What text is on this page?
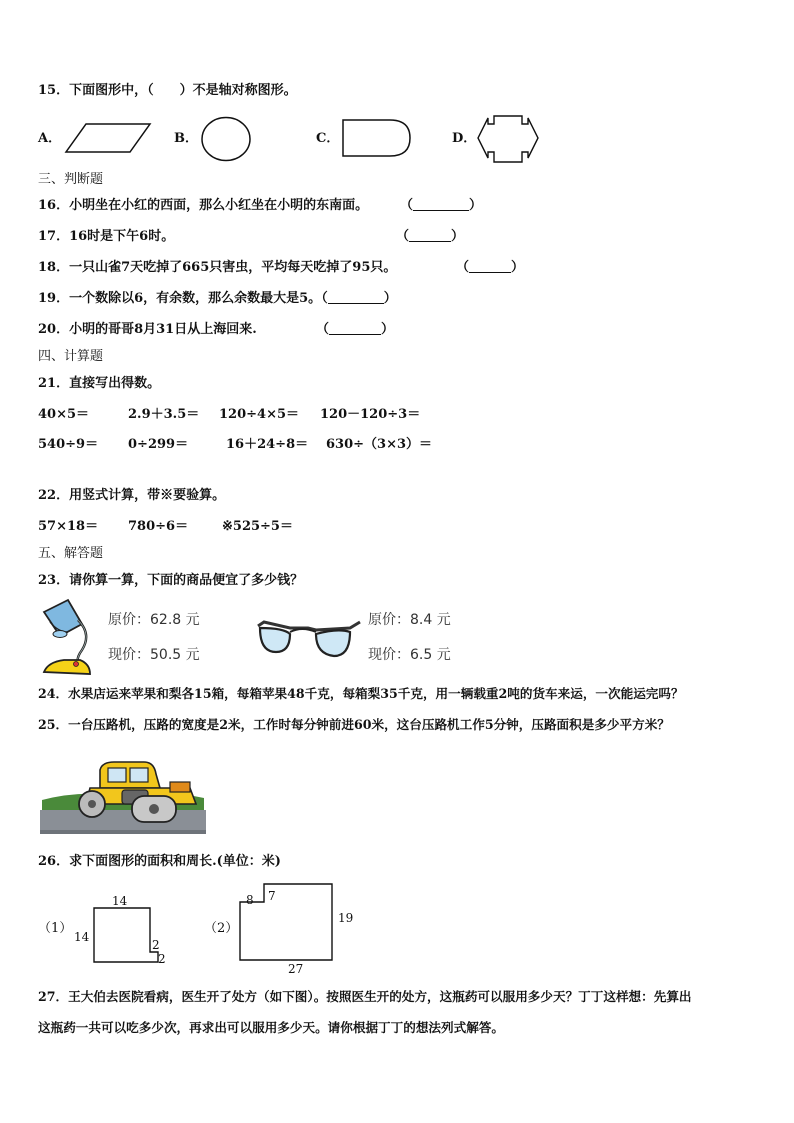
15．下面图形中，（　　）不是轴对称图形。
A．	B．	C．	D．
三、判断题
16．小明坐在小红的西面，那么小红坐在小明的东南面。 （	）
17．16时是下午6时。	（	）
18．一只山雀7天吃掉了665只害虫，平均每天吃掉了95只。	（	）
19．一个数除以6，有余数，那么余数最大是5。（	）
20．小明的哥哥8月31日从上海回来.	（	）
四、计算题
21．直接写出得数。
40×5＝	2.9＋3.5＝ 120÷4×5＝ 120－120÷3＝
540÷9＝ 0÷299＝	16＋24÷8＝ 630÷（3×3）＝
22．用竖式计算，带※要验算。
57×18＝ 780÷6＝	※525÷5＝
五、解答题
23．请你算一算，下面的商品便宜了多少钱？
原价：62.8 元
现价：50.5 元
原价：8.4 元
现价：6.5 元
24．水果店运来苹果和梨各15箱，每箱苹果48千克，每箱梨35千克，用一辆载重2吨的货车来运，一次能运完吗？
25．一台压路机，压路的宽度是2米，工作时每分钟前进60米，这台压路机工作5分钟，压路面积是多少平方米？
26．求下面图形的面积和周长.(单位：米)
（1）
14
14
2
2
（2）
8 7
19
27
27．王大伯去医院看病，医生开了处方（如下图）。按照医生开的处方，这瓶药可以服用多少天？丁丁这样想：先算出
这瓶药一共可以吃多少次，再求出可以服用多少天。请你根据丁丁的想法列式解答。
